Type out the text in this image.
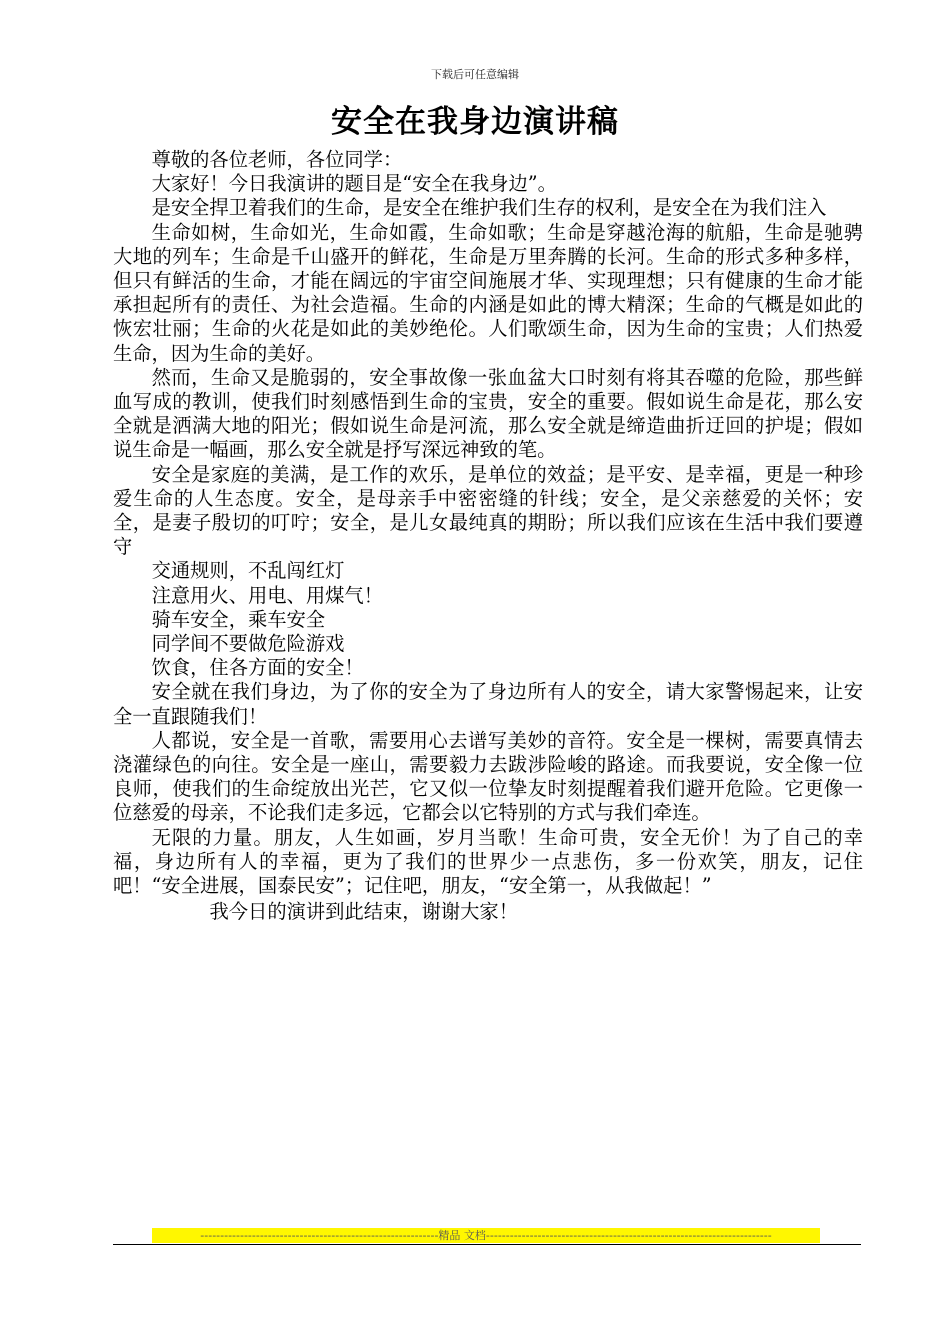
下载后可任意编辑
安全在我身边演讲稿

尊敬的各位老师，各位同学：

大家好！今日我演讲的题目是“安全在我身边”。

是安全捍卫着我们的生命，是安全在维护我们生存的权利，是安全在为我们注入

生命如树，生命如光，生命如霞，生命如歌；生命是穿越沧海的航船，生命是驰骋大地的列车；生命是千山盛开的鲜花，生命是万里奔腾的长河。生命的形式多种多样，但只有鲜活的生命，才能在阔远的宇宙空间施展才华、实现理想；只有健康的生命才能承担起所有的责任、为社会造福。生命的内涵是如此的博大精深；生命的气概是如此的恢宏壮丽；生命的火花是如此的美妙绝伦。人们歌颂生命，因为生命的宝贵；人们热爱生命，因为生命的美好。

然而，生命又是脆弱的，安全事故像一张血盆大口时刻有将其吞噬的危险，那些鲜血写成的教训，使我们时刻感悟到生命的宝贵，安全的重要。假如说生命是花，那么安全就是洒满大地的阳光；假如说生命是河流，那么安全就是缔造曲折迂回的护堤；假如说生命是一幅画，那么安全就是抒写深远神致的笔。

安全是家庭的美满，是工作的欢乐，是单位的效益；是平安、是幸福，更是一种珍爱生命的人生态度。安全，是母亲手中密密缝的针线；安全，是父亲慈爱的关怀；安全，是妻子殷切的叮咛；安全，是儿女最纯真的期盼；所以我们应该在生活中我们要遵守

交通规则，不乱闯红灯

注意用火、用电、用煤气！

骑车安全，乘车安全

同学间不要做危险游戏

饮食，住各方面的安全！

安全就在我们身边，为了你的安全为了身边所有人的安全，请大家警惕起来，让安全一直跟随我们！

人都说，安全是一首歌，需要用心去谱写美妙的音符。安全是一棵树，需要真情去浇灌绿色的向往。安全是一座山，需要毅力去跋涉险峻的路途。而我要说，安全像一位良师，使我们的生命绽放出光芒，它又似一位挚友时刻提醒着我们避开危险。它更像一位慈爱的母亲，不论我们走多远，它都会以它特别的方式与我们牵连。

无限的力量。朋友，人生如画，岁月当歌！生命可贵，安全无价！为了自己的幸福，身边所有人的幸福，更为了我们的世界少一点悲伤，多一份欢笑，朋友，记住吧！“安全进展，国泰民安”；记住吧，朋友，“安全第一，从我做起！”

我今日的演讲到此结束，谢谢大家！

------------------------------------------------------------精品 文档------------------------------------------------------------------------
